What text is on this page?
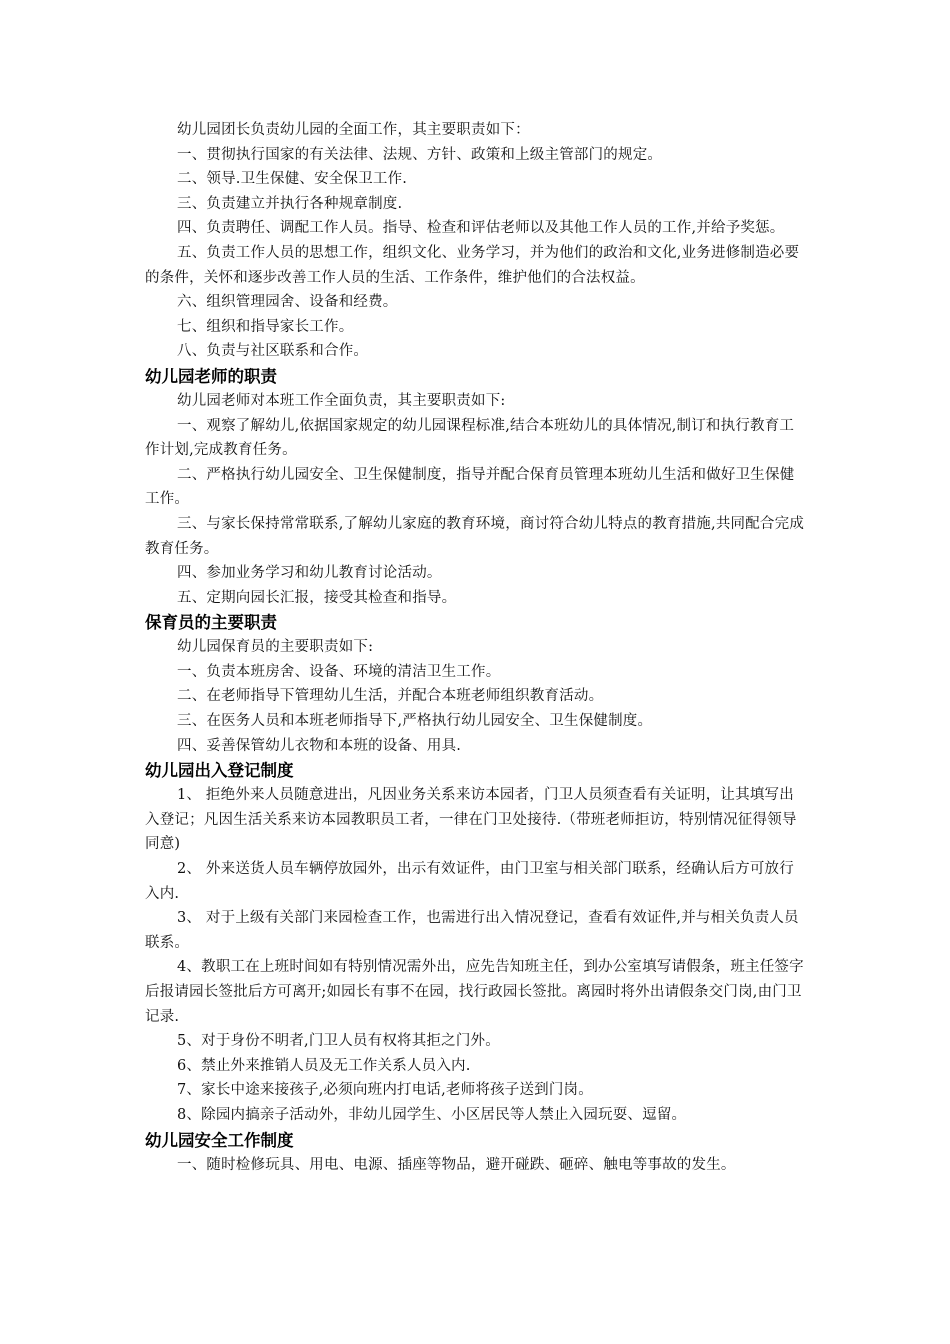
幼儿园团长负责幼儿园的全面工作，其主要职责如下：

一、贯彻执行国家的有关法律、法规、方针、政策和上级主管部门的规定。

二、领导.卫生保健、安全保卫工作.

三、负责建立并执行各种规章制度.

四、负责聘任、调配工作人员。指导、检查和评估老师以及其他工作人员的工作,并给予奖惩。

五、负责工作人员的思想工作，组织文化、业务学习，并为他们的政治和文化,业务进修制造必要的条件，关怀和逐步改善工作人员的生活、工作条件，维护他们的合法权益。

六、组织管理园舍、设备和经费。

七、组织和指导家长工作。

八、负责与社区联系和合作。

幼儿园老师的职责

幼儿园老师对本班工作全面负责，其主要职责如下:

一、观察了解幼儿,依据国家规定的幼儿园课程标准,结合本班幼儿的具体情况,制订和执行教育工作计划,完成教育任务。

二、严格执行幼儿园安全、卫生保健制度，指导并配合保育员管理本班幼儿生活和做好卫生保健工作。

三、与家长保持常常联系,了解幼儿家庭的教育环境，商讨符合幼儿特点的教育措施,共同配合完成教育任务。

四、参加业务学习和幼儿教育讨论活动。

五、定期向园长汇报，接受其检查和指导。

保育员的主要职责

幼儿园保育员的主要职责如下:

一、负责本班房舍、设备、环境的清洁卫生工作。

二、在老师指导下管理幼儿生活，并配合本班老师组织教育活动。

三、在医务人员和本班老师指导下,严格执行幼儿园安全、卫生保健制度。

四、妥善保管幼儿衣物和本班的设备、用具.

幼儿园出入登记制度

1、 拒绝外来人员随意进出，凡因业务关系来访本园者，门卫人员须查看有关证明，让其填写出入登记；凡因生活关系来访本园教职员工者，一律在门卫处接待.（带班老师拒访，特别情况征得领导同意)

2、 外来送货人员车辆停放园外，出示有效证件，由门卫室与相关部门联系，经确认后方可放行入内.

3、 对于上级有关部门来园检查工作，也需进行出入情况登记，查看有效证件,并与相关负责人员联系。

4、教职工在上班时间如有特别情况需外出，应先告知班主任，到办公室填写请假条，班主任签字后报请园长签批后方可离开;如园长有事不在园，找行政园长签批。离园时将外出请假条交门岗,由门卫记录.

5、对于身份不明者,门卫人员有权将其拒之门外。

6、禁止外来推销人员及无工作关系人员入内.

7、家长中途来接孩子,必须向班内打电话,老师将孩子送到门岗。

8、除园内搞亲子活动外，非幼儿园学生、小区居民等人禁止入园玩耍、逗留。

幼儿园安全工作制度

一、随时检修玩具、用电、电源、插座等物品，避开碰跌、砸碎、触电等事故的发生。
